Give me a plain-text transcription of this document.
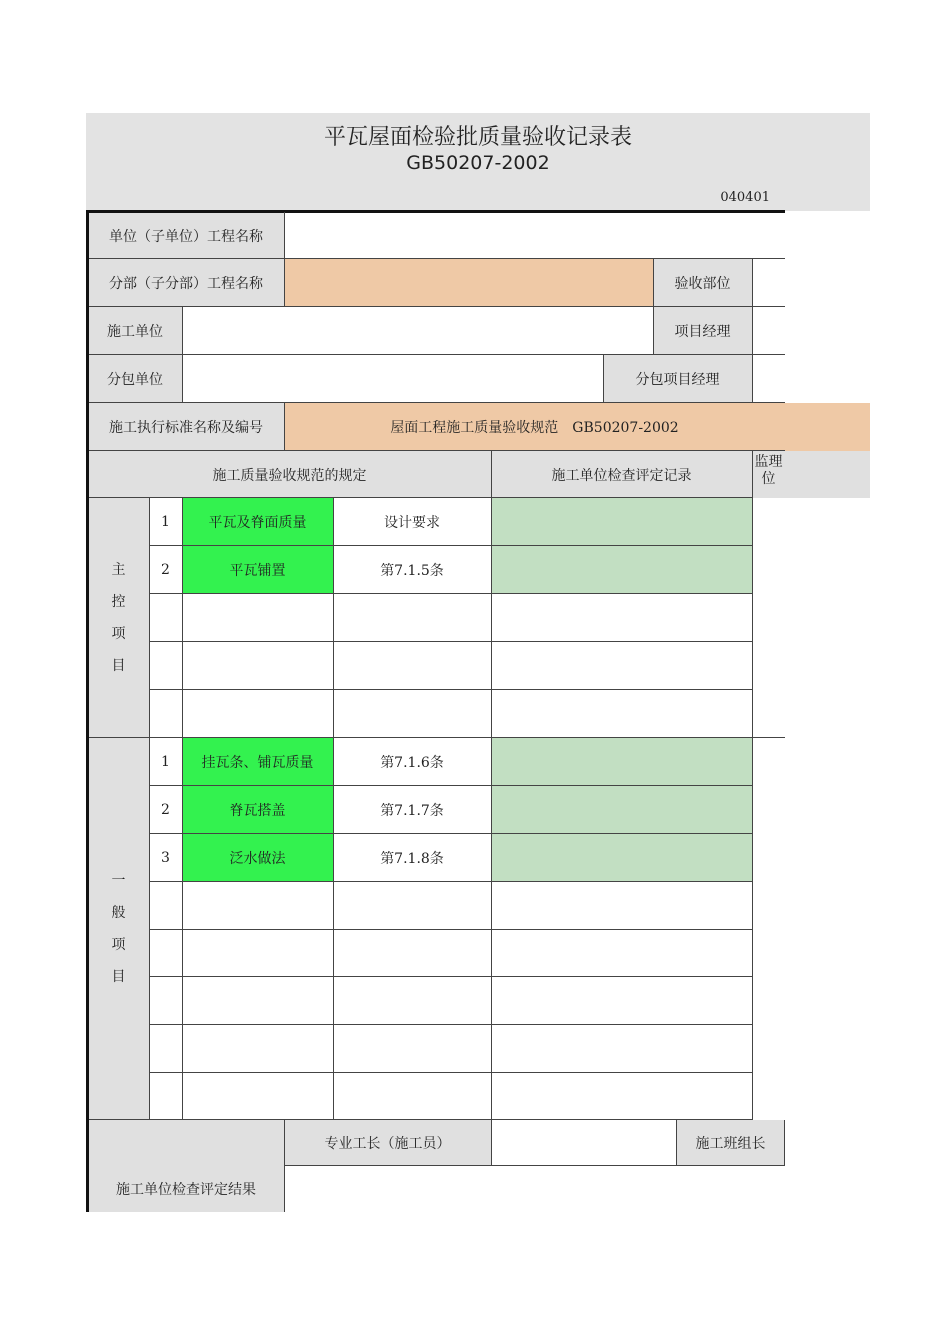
平瓦屋面检验批质量验收记录表
GB50207-2002
040401
单位（子单位）工程名称
分部（子分部）工程名称	验收部位
施工单位	项目经理
分包单位	分包项目经理
施工执行标准名称及编号	屋面工程施工质量验收规范　GB50207-2002
施工质量验收规范的规定	施工单位检查评定记录
监理
位
主
控
项
目
1	平瓦及脊面质量	设计要求
2	平瓦铺置	第7.1.5条
一
般
项
目
1	挂瓦条、铺瓦质量	第7.1.6条
2	脊瓦搭盖	第7.1.7条
3	泛水做法	第7.1.8条
专业工长（施工员）	施工班组长
施工单位检查评定结果
